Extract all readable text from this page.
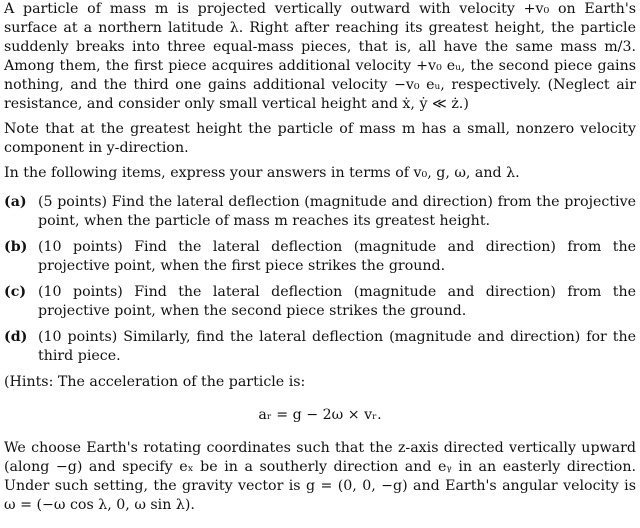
A particle of mass m is projected vertically outward with velocity +v₀ on Earth's surface at a northern latitude λ. Right after reaching its greatest height, the particle suddenly breaks into three equal-mass pieces, that is, all have the same mass m/3. Among them, the first piece acquires additional velocity +v₀ eᵤ, the second piece gains nothing, and the third one gains additional velocity −v₀ eᵤ, respectively. (Neglect air resistance, and consider only small vertical height and ẋ, ẏ ≪ ż.)

Note that at the greatest height the particle of mass m has a small, nonzero velocity component in y-direction.

In the following items, express your answers in terms of v₀, g, ω, and λ.

(a) (5 points) Find the lateral deflection (magnitude and direction) from the projective point, when the particle of mass m reaches its greatest height.
(b) (10 points) Find the lateral deflection (magnitude and direction) from the projective point, when the first piece strikes the ground.
(c) (10 points) Find the lateral deflection (magnitude and direction) from the projective point, when the second piece strikes the ground.
(d) (10 points) Similarly, find the lateral deflection (magnitude and direction) for the third piece.

(Hints: The acceleration of the particle is:

aᵣ = g − 2ω × vᵣ.

We choose Earth's rotating coordinates such that the z-axis directed vertically upward (along −g) and specify eₓ be in a southerly direction and eᵧ in an easterly direction. Under such setting, the gravity vector is g = (0, 0, −g) and Earth's angular velocity is ω = (−ω cos λ, 0, ω sin λ).
